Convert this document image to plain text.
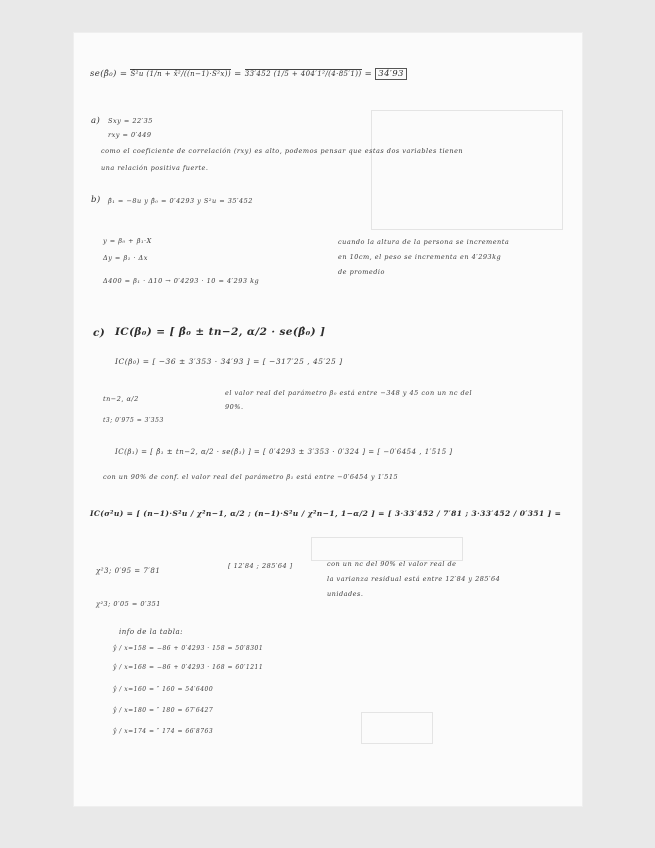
se(β̂₀) = Ŝ²u (1/n + x̄²/((n−1)·S²x)) = 33′452 (1/5 + 404′1²/(4·85′1)) = 34′93
a) Sxy = 22′35
rxy = 0′449
como el coeficiente de correlación (rxy) es alto, podemos pensar que estas dos variables tienen
una relación positiva fuerte.
b) β̂₁ = −8u y β̂₀ = 0′4293 y S²u = 35′452
y = β₀ + β₁·X
Δy = β₁ · Δx
Δ400 = β₁ · Δ10 → 0′4293 · 10 = 4′293 kg
cuando la altura de la persona se incrementa
en 10cm, el peso se incrementa en 4′293kg
de promedio
c) IC(β₀) = [ β̂₀ ± tn−2, α/2 · se(β̂₀) ]
IC(β₀) = [ −36 ± 3′353 · 34′93 ] = [ −317′25 , 45′25 ]
tn−2, α/2
t3; 0′975 = 3′353
el valor real del parámetro β₀ está entre −348 y 45 con un nc del
90%.
IC(β₁) = [ β̂₁ ± tn−2, α/2 · se(β̂₁) ] = [ 0′4293 ± 3′353 · 0′324 ] = [ −0′6454 , 1′515 ]
con un 90% de conf. el valor real del parámetro β₁ está entre −0′6454 y 1′515
IC(σ²u) = [ (n−1)·S²u / χ²n−1, α/2 ; (n−1)·S²u / χ²n−1, 1−α/2 ] = [ 3·33′452 / 7′81 ; 3·33′452 / 0′351 ] =
χ²3; 0′95 = 7′81
χ²3; 0′05 = 0′351
[ 12′84 ; 285′64 ]	con un nc del 90% el valor real de
la varianza residual está entre 12′84 y 285′64
unidades.
info de la tabla:
ŷ / x=158 = −86 + 0′4293 · 158 = 50′8301
ŷ / x=168 = −86 + 0′4293 · 168 = 60′1211
ŷ / x=160 = ″ 160 = 54′6400
ŷ / x=180 = ″ 180 = 67′6427
ŷ / x=174 = ″ 174 = 66′8763
